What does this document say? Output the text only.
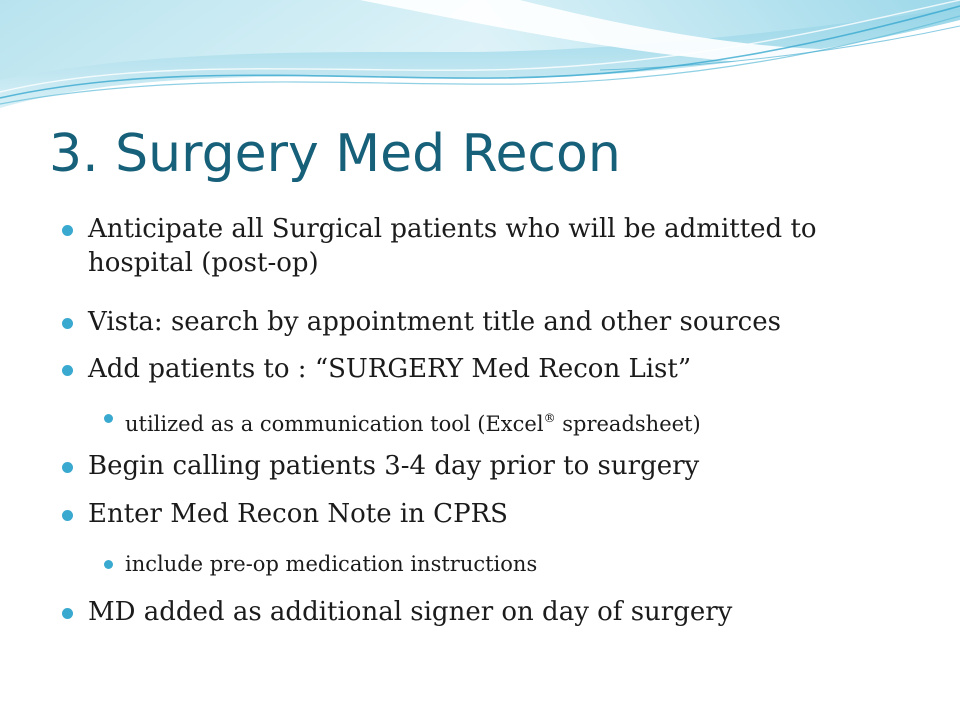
3. Surgery Med Recon
Anticipate all Surgical patients who will be admitted to
hospital (post-op)
Vista: search by appointment title and other sources
Add patients to : “SURGERY Med Recon List”
utilized as a communication tool (Excel® spreadsheet)
Begin calling patients 3-4 day prior to surgery
Enter Med Recon Note in CPRS
include pre-op medication instructions
MD added as additional signer on day of surgery
